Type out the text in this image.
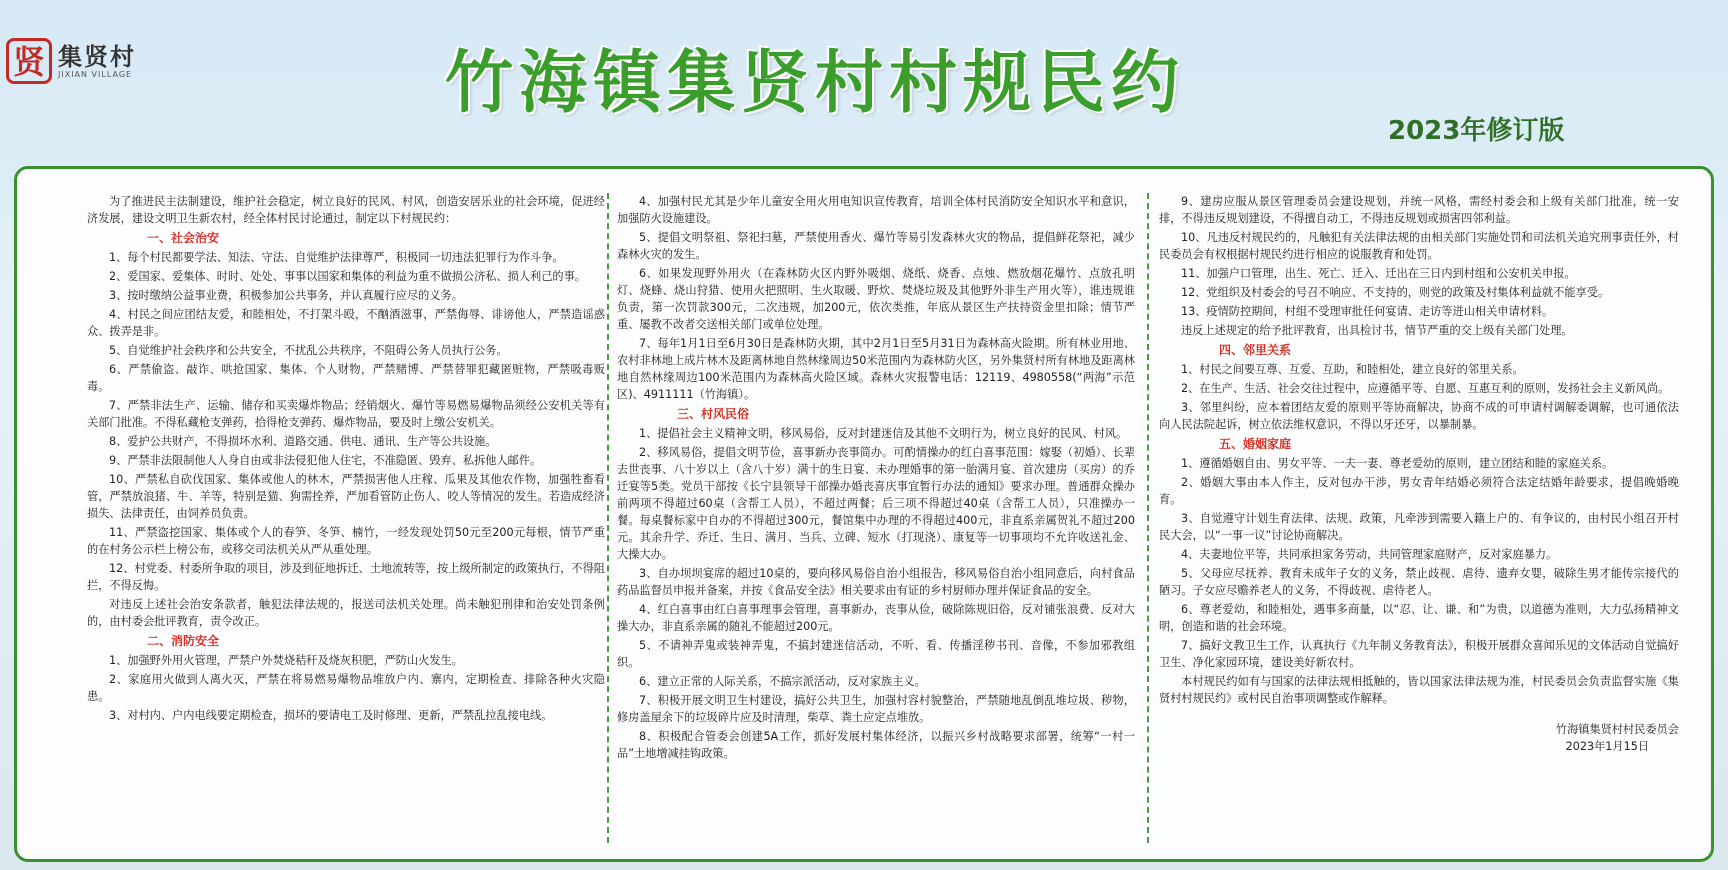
贤 集贤村
JIXIAN VILLAGE	竹海镇集贤村村规民约
2023年修订版

为了推进民主法制建设，维护社会稳定，树立良好的民风、村风，创造安居乐业的社会环境，促进经济发展，建设文明卫生新农村，经全体村民讨论通过，制定以下村规民约：

一、社会治安

1、每个村民都要学法、知法、守法、自觉维护法律尊严，积极同一切违法犯罪行为作斗争。

2、爱国家、爱集体、时时、处处、事事以国家和集体的利益为重不做损公济私、损人利己的事。

3、按时缴纳公益事业费，积极参加公共事务，并认真履行应尽的义务。

4、村民之间应团结友爱，和睦相处，不打架斗殴，不酗酒滋事，严禁侮辱、诽谤他人，严禁造谣惑众、拨弄是非。

5、自觉维护社会秩序和公共安全，不扰乱公共秩序，不阻碍公务人员执行公务。

6、严禁偷盗、敲诈、哄抢国家、集体、个人财物，严禁赌博、严禁替罪犯藏匿赃物，严禁吸毒贩毒。

7、严禁非法生产、运输、储存和买卖爆炸物品；经销烟火、爆竹等易燃易爆物品须经公安机关等有关部门批准。不得私藏枪支弹药，拾得枪支弹药、爆炸物品，要及时上缴公安机关。

8、爱护公共财产，不得损坏水利、道路交通、供电、通讯、生产等公共设施。

9、严禁非法限制他人人身自由或非法侵犯他人住宅，不准隐匿、毁弃、私拆他人邮件。

10、严禁私自砍伐国家、集体或他人的林木，严禁损害他人庄稼、瓜果及其他农作物，加强牲畜看管，严禁放浪猪、牛、羊等，特别是猫、狗需拴养，严加看管防止伤人、咬人等情况的发生。若造成经济损失、法律责任，由饲养员负责。

11、严禁盗挖国家、集体或个人的春笋、冬笋、楠竹，一经发现处罚50元至200元每根，情节严重的在村务公示栏上榜公布，或移交司法机关从严从重处理。

12、村党委、村委所争取的项目，涉及到征地拆迁、土地流转等，按上级所制定的政策执行，不得阻拦，不得反悔。

对违反上述社会治安条款者，触犯法律法规的，报送司法机关处理。尚未触犯刑律和治安处罚条例的，由村委会批评教育，责令改正。

二、消防安全

1、加强野外用火管理，严禁户外焚烧秸秆及烧灰积肥，严防山火发生。

2、家庭用火做到人离火灭，严禁在将易燃易爆物品堆放户内、寨内，定期检查、排除各种火灾隐患。

3、对村内、户内电线要定期检查，损坏的要请电工及时修理、更新，严禁乱拉乱接电线。

4、加强村民尤其是少年儿童安全用火用电知识宣传教育，培训全体村民消防安全知识水平和意识，加强防火设施建设。

5、提倡文明祭祖、祭祀扫墓，严禁使用香火、爆竹等易引发森林火灾的物品，提倡鲜花祭祀，减少森林火灾的发生。

6、如果发现野外用火（在森林防火区内野外吸烟、烧纸、烧香、点烛、燃放烟花爆竹、点放孔明灯、烧蜂、烧山狩猎、使用火把照明、生火取暖、野炊、焚烧垃圾及其他野外非生产用火等），谁违规谁负责，第一次罚款300元，二次违规，加200元，依次类推，年底从景区生产扶持资金里扣除；情节严重、屡教不改者交送相关部门或单位处理。

7、每年1月1日至6月30日是森林防火期，其中2月1日至5月31日为森林高火险期。所有林业用地、农村非林地上成片林木及距离林地自然林缘周边50米范围内为森林防火区，另外集贤村所有林地及距离林地自然林缘周边100米范围内为森林高火险区域。森林火灾报警电话：12119、4980558(“两海”示范区)、4911111（竹海镇）。

三、村风民俗

1、提倡社会主义精神文明，移风易俗，反对封建迷信及其他不文明行为，树立良好的民风、村风。

2、移风易俗，提倡文明节俭，喜事新办丧事简办。可酌情操办的红白喜事范围：嫁娶（初婚）、长辈去世丧事、八十岁以上（含八十岁）满十的生日宴、未办理婚事的第一胎满月宴、首次建房（买房）的乔迁宴等5类。党员干部按《长宁县领导干部操办婚丧喜庆事宜暂行办法的通知》要求办理。普通群众操办前两项不得超过60桌（含帮工人员），不超过两餐；后三项不得超过40桌（含帮工人员），只准操办一餐。每桌餐标家中自办的不得超过300元，餐馆集中办理的不得超过400元，非直系亲属贺礼不超过200元。其余升学、乔迁、生日、满月、当兵、立碑、短水（打现浇）、康复等一切事项均不允许收送礼金、大操大办。

3、自办坝坝宴席的超过10桌的，要向移风易俗自治小组报告，移风易俗自治小组同意后，向村食品药品监督员申报并备案，并按《食品安全法》相关要求由有证的乡村厨师办理并保证食品的安全。

4、红白喜事由红白喜事理事会管理，喜事新办，丧事从俭，破除陈规旧俗，反对铺张浪费、反对大操大办，非直系亲属的随礼不能超过200元。

5、不请神弄鬼或装神弄鬼，不搞封建迷信活动，不听、看、传播淫秽书刊、音像，不参加邪教组织。

6、建立正常的人际关系，不搞宗派活动，反对家族主义。

7、积极开展文明卫生村建设，搞好公共卫生，加强村容村貌整治，严禁随地乱倒乱堆垃圾、秽物，修房盖屋余下的垃圾碎片应及时清理，柴草、粪土应定点堆放。

8、积极配合管委会创建5A工作，抓好发展村集体经济，以振兴乡村战略要求部署，统筹“一村一品”土地增减挂钩政策。

9、建房应服从景区管理委员会建设规划，并统一风格，需经村委会和上级有关部门批准，统一安排，不得违反规划建设，不得擅自动工，不得违反规划或损害四邻利益。

10、凡违反村规民约的，凡触犯有关法律法规的由相关部门实施处罚和司法机关追究刑事责任外，村民委员会有权根据村规民约进行相应的说服教育和处罚。

11、加强户口管理，出生、死亡、迁入、迁出在三日内到村组和公安机关申报。

12、党组织及村委会的号召不响应、不支持的，则党的政策及村集体利益就不能享受。

13、疫情防控期间，村组不受理审批任何宴请、走访等进山相关申请材料。

违反上述规定的给予批评教育，出具检讨书，情节严重的交上级有关部门处理。

四、邻里关系

1、村民之间要互尊、互爱、互助，和睦相处，建立良好的邻里关系。

2、在生产、生活、社会交往过程中，应遵循平等、自愿、互惠互利的原则，发扬社会主义新风尚。

3、邻里纠纷，应本着团结友爱的原则平等协商解决，协商不成的可申请村调解委调解，也可通依法向人民法院起诉，树立依法维权意识，不得以牙还牙，以暴制暴。

五、婚姻家庭

1、遵循婚姻自由、男女平等、一夫一妻、尊老爱幼的原则，建立团结和睦的家庭关系。

2、婚姻大事由本人作主，反对包办干涉，男女青年结婚必须符合法定结婚年龄要求，提倡晚婚晚育。

3、自觉遵守计划生育法律、法规、政策，凡牵涉到需要入籍上户的、有争议的，由村民小组召开村民大会，以“一事一议”讨论协商解决。

4、夫妻地位平等，共同承担家务劳动，共同管理家庭财产，反对家庭暴力。

5、父母应尽抚养、教育未成年子女的义务，禁止歧视、虐待、遗弃女婴，破除生男才能传宗接代的陋习。子女应尽赡养老人的义务，不得歧视、虐待老人。

6、尊老爱幼，和睦相处，遇事多商量，以“忍、让、谦、和”为贵，以道德为准则，大力弘扬精神文明，创造和谐的社会环境。

7、搞好文教卫生工作，认真执行《九年制义务教育法》，积极开展群众喜闻乐见的文体活动自觉搞好卫生、净化家园环境，建设美好新农村。

本村规民约如有与国家的法律法规相抵触的，皆以国家法律法规为准，村民委员会负责监督实施《集贤村村规民约》或村民自治事项调整或作解释。

竹海镇集贤村村民委员会
2023年1月15日
